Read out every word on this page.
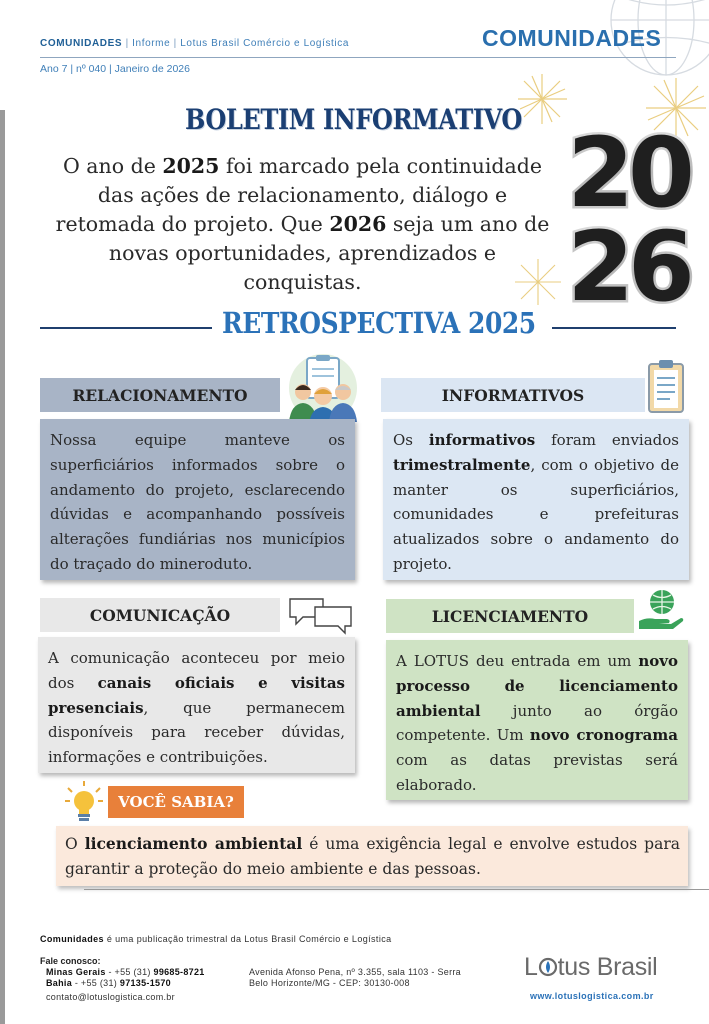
COMUNIDADES | Informe | Lotus Brasil Comércio e Logística	COMUNIDADES
Ano 7 | nº 040 | Janeiro de 2026
BOLETIM INFORMATIVO
O ano de 2025 foi marcado pela continuidade das ações de relacionamento, diálogo e retomada do projeto. Que 2026 seja um ano de novas oportunidades, aprendizados e conquistas.
20
26
RETROSPECTIVA 2025
RELACIONAMENTO
Nossa equipe manteve os superficiários informados sobre o andamento do projeto, esclarecendo dúvidas e acompanhando possíveis alterações fundiárias nos municípios do traçado do mineroduto.
INFORMATIVOS
Os informativos foram enviados trimestralmente, com o objetivo de manter os superficiários, comunidades e prefeituras atualizados sobre o andamento do projeto.
COMUNICAÇÃO
A comunicação aconteceu por meio dos canais oficiais e visitas presenciais, que permanecem disponíveis para receber dúvidas, informações e contribuições.
LICENCIAMENTO
A LOTUS deu entrada em um novo processo de licenciamento ambiental junto ao órgão competente. Um novo cronograma com as datas previstas será elaborado.
VOCÊ SABIA?
O licenciamento ambiental é uma exigência legal e envolve estudos para garantir a proteção do meio ambiente e das pessoas.
Comunidades é uma publicação trimestral da Lotus Brasil Comércio e Logística
Fale conosco:
Minas Gerais - +55 (31) 99685-8721
Bahia - +55 (31) 97135-1570
contato@lotuslogistica.com.br
Avenida Afonso Pena, nº 3.355, sala 1103 - Serra
Belo Horizonte/MG - CEP: 30130-008
L tus Brasil
www.lotuslogistica.com.br
